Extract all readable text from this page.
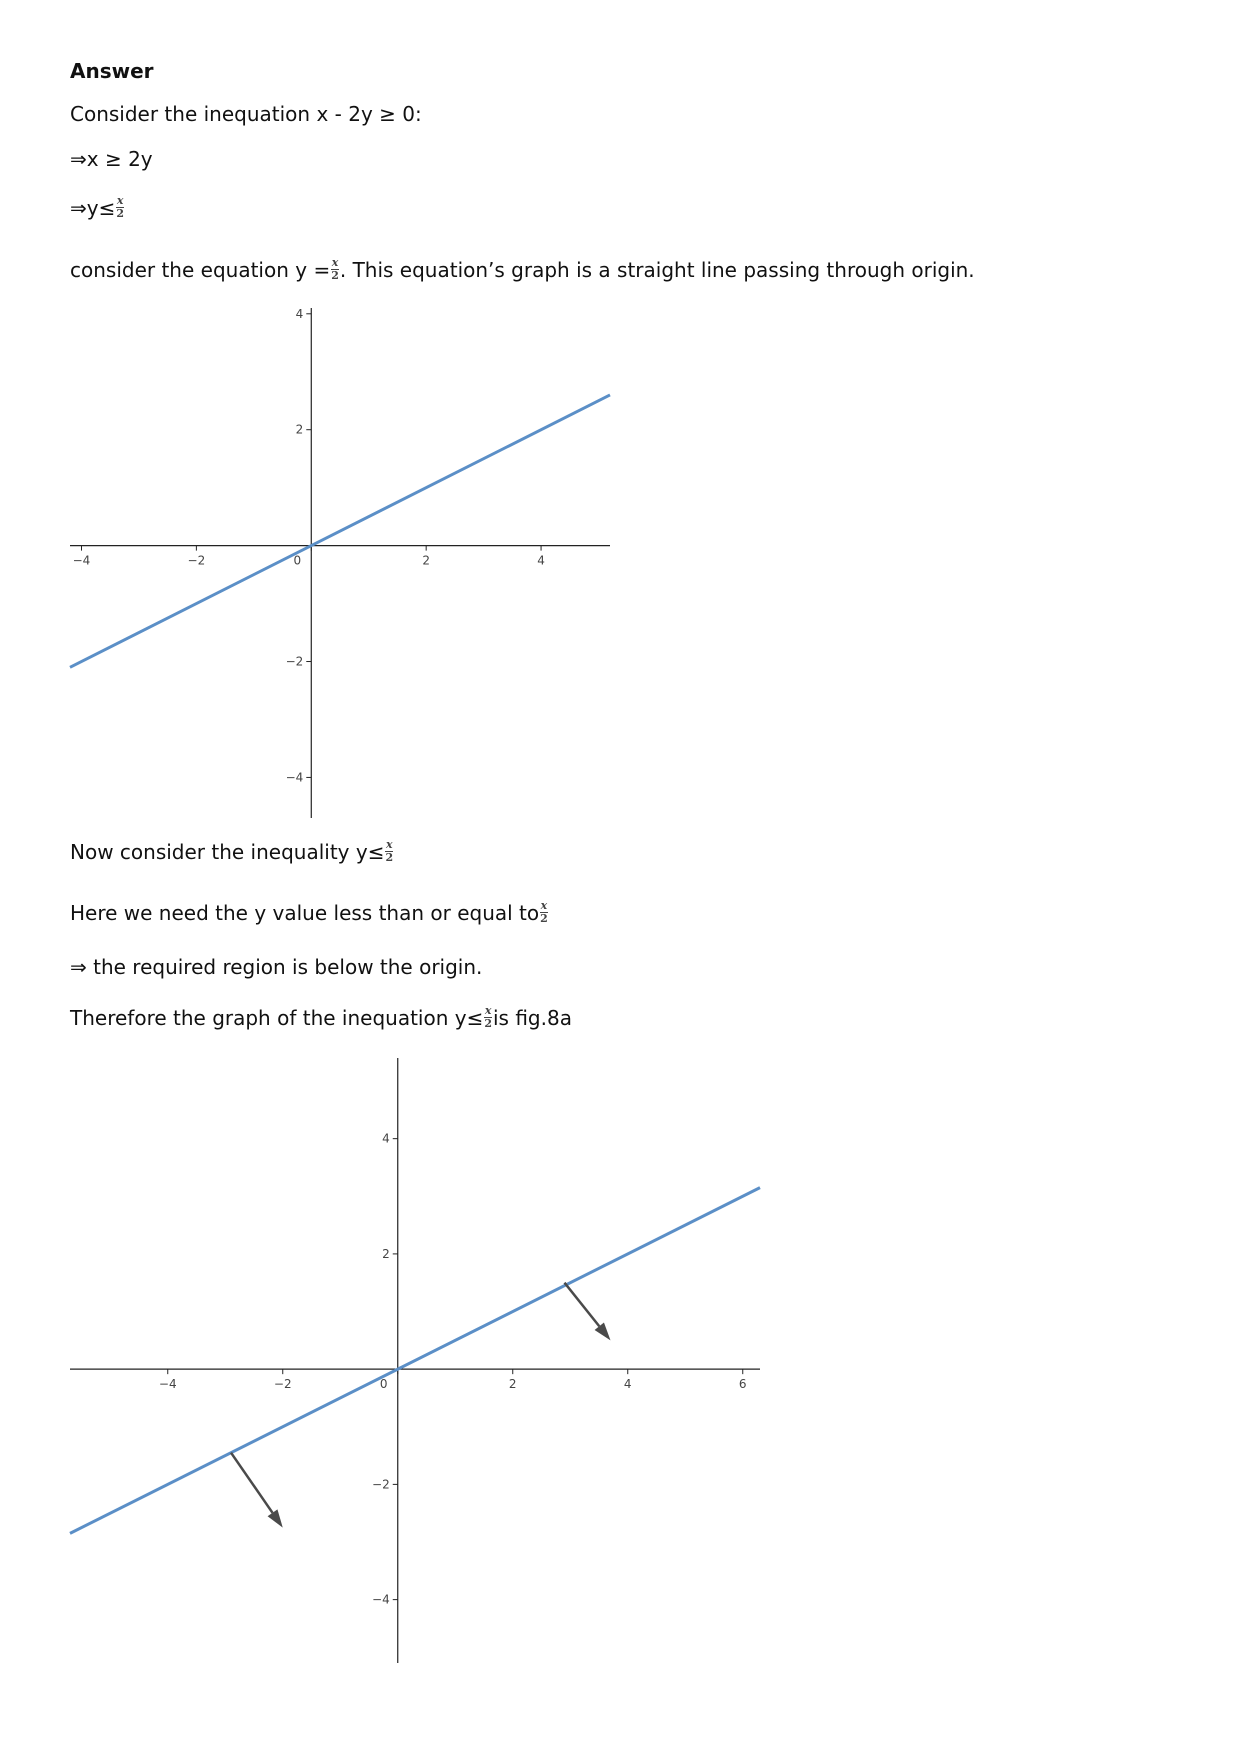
Answer
Consider the inequation x - 2y ≥ 0:
⇒x ≥ 2y
⇒y≤ $\frac{x}{2}$
consider the equation $y = \frac{x}{2}$ . This equation’s graph is a straight line passing through origin.
−4	−2	0	2	4
4
2
−2
−4
Now consider the inequality $y\le \frac{x}{2}$
Here we need the y value less than or equal to $\frac{x}{2}$
⇒ the required region is below the origin.
Therefore the graph of the inequation $y\le \frac{x}{2}$ is fig.8a
−4	−2	0	2	4	6
4
2
−2
−4
